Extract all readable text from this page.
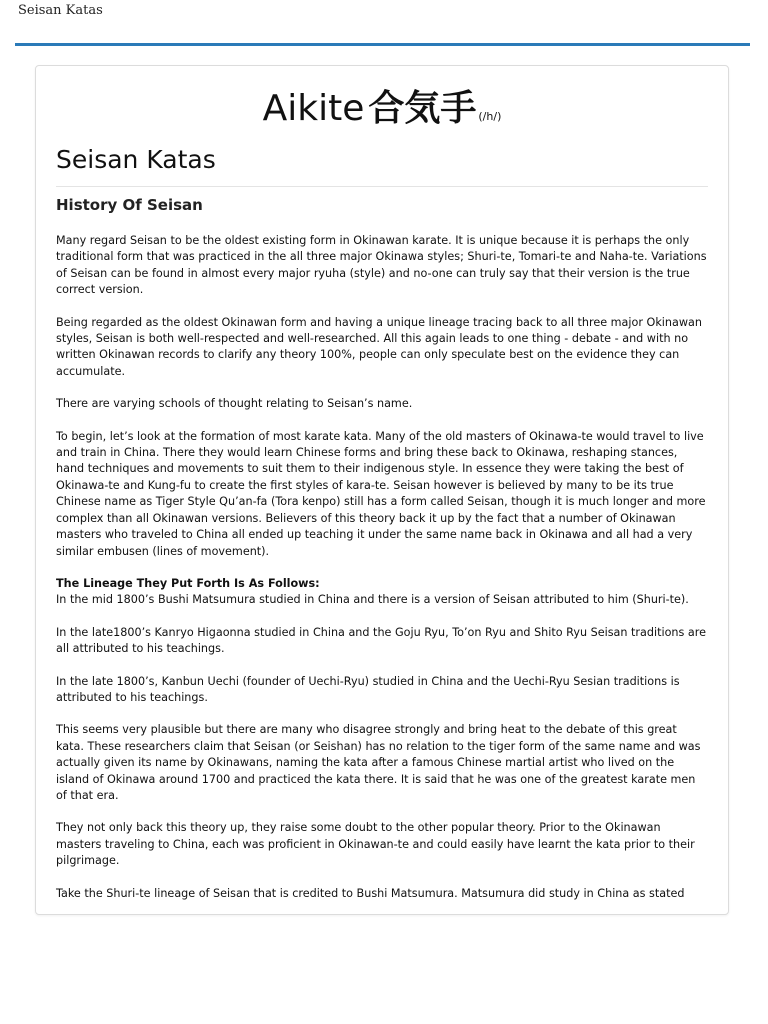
Seisan Katas
Aikite 合気手 (/h/)
Seisan Katas
History Of Seisan

Many regard Seisan to be the oldest existing form in Okinawan karate. It is unique because it is perhaps the only traditional form that was practiced in the all three major Okinawa styles; Shuri-te, Tomari-te and Naha-te. Variations of Seisan can be found in almost every major ryuha (style) and no-one can truly say that their version is the true correct version.

Being regarded as the oldest Okinawan form and having a unique lineage tracing back to all three major Okinawan styles, Seisan is both well-respected and well-researched. All this again leads to one thing - debate - and with no written Okinawan records to clarify any theory 100%, people can only speculate best on the evidence they can accumulate.

There are varying schools of thought relating to Seisan’s name.

To begin, let’s look at the formation of most karate kata. Many of the old masters of Okinawa-te would travel to live and train in China. There they would learn Chinese forms and bring these back to Okinawa, reshaping stances, hand techniques and movements to suit them to their indigenous style. In essence they were taking the best of Okinawa-te and Kung-fu to create the first styles of kara-te. Seisan however is believed by many to be its true Chinese name as Tiger Style Qu’an-fa (Tora kenpo) still has a form called Seisan, though it is much longer and more complex than all Okinawan versions. Believers of this theory back it up by the fact that a number of Okinawan masters who traveled to China all ended up teaching it under the same name back in Okinawa and all had a very similar embusen (lines of movement).

The Lineage They Put Forth Is As Follows:
In the mid 1800’s Bushi Matsumura studied in China and there is a version of Seisan attributed to him (Shuri-te).

In the late1800’s Kanryo Higaonna studied in China and the Goju Ryu, To’on Ryu and Shito Ryu Seisan traditions are all attributed to his teachings.

In the late 1800’s, Kanbun Uechi (founder of Uechi-Ryu) studied in China and the Uechi-Ryu Sesian traditions is attributed to his teachings.

This seems very plausible but there are many who disagree strongly and bring heat to the debate of this great kata. These researchers claim that Seisan (or Seishan) has no relation to the tiger form of the same name and was actually given its name by Okinawans, naming the kata after a famous Chinese martial artist who lived on the island of Okinawa around 1700 and practiced the kata there. It is said that he was one of the greatest karate men of that era.

They not only back this theory up, they raise some doubt to the other popular theory. Prior to the Okinawan masters traveling to China, each was proficient in Okinawan-te and could easily have learnt the kata prior to their pilgrimage.

Take the Shuri-te lineage of Seisan that is credited to Bushi Matsumura. Matsumura did study in China as stated
